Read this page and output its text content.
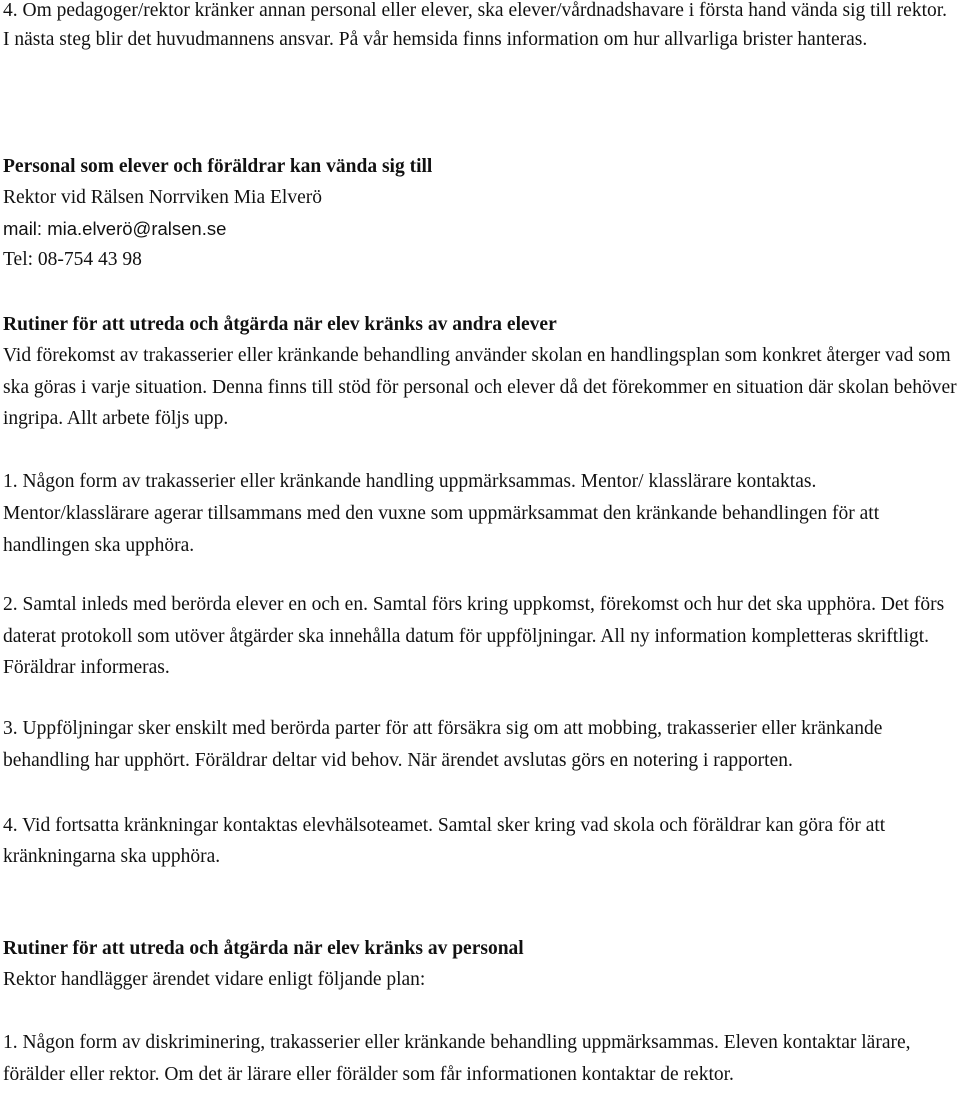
4. Om pedagoger/rektor kränker annan personal eller elever, ska elever/vårdnadshavare i första hand vända sig till rektor. I nästa steg blir det huvudmannens ansvar. På vår hemsida finns information om hur allvarliga brister hanteras.
Personal som elever och föräldrar kan vända sig till
Rektor vid Rälsen Norrviken Mia Elverö
mail: mia.elverö@ralsen.se
Tel: 08-754 43 98
Rutiner för att utreda och åtgärda när elev kränks av andra elever
Vid förekomst av trakasserier eller kränkande behandling använder skolan en handlingsplan som konkret återger vad som ska göras i varje situation. Denna finns till stöd för personal och elever då det förekommer en situation där skolan behöver ingripa. Allt arbete följs upp.
1. Någon form av trakasserier eller kränkande handling uppmärksammas. Mentor/ klasslärare kontaktas. Mentor/klasslärare agerar tillsammans med den vuxne som uppmärksammat den kränkande behandlingen för att handlingen ska upphöra.
2. Samtal inleds med berörda elever en och en. Samtal förs kring uppkomst, förekomst och hur det ska upphöra. Det förs daterat protokoll som utöver åtgärder ska innehålla datum för uppföljningar. All ny information kompletteras skriftligt. Föräldrar informeras.
3. Uppföljningar sker enskilt med berörda parter för att försäkra sig om att mobbing, trakasserier eller kränkande behandling har upphört. Föräldrar deltar vid behov. När ärendet avslutas görs en notering i rapporten.
4. Vid fortsatta kränkningar kontaktas elevhälsoteamet. Samtal sker kring vad skola och föräldrar kan göra för att kränkningarna ska upphöra.
Rutiner för att utreda och åtgärda när elev kränks av personal
Rektor handlägger ärendet vidare enligt följande plan:
1. Någon form av diskriminering, trakasserier eller kränkande behandling uppmärksammas. Eleven kontaktar lärare, förälder eller rektor. Om det är lärare eller förälder som får informationen kontaktar de rektor.
